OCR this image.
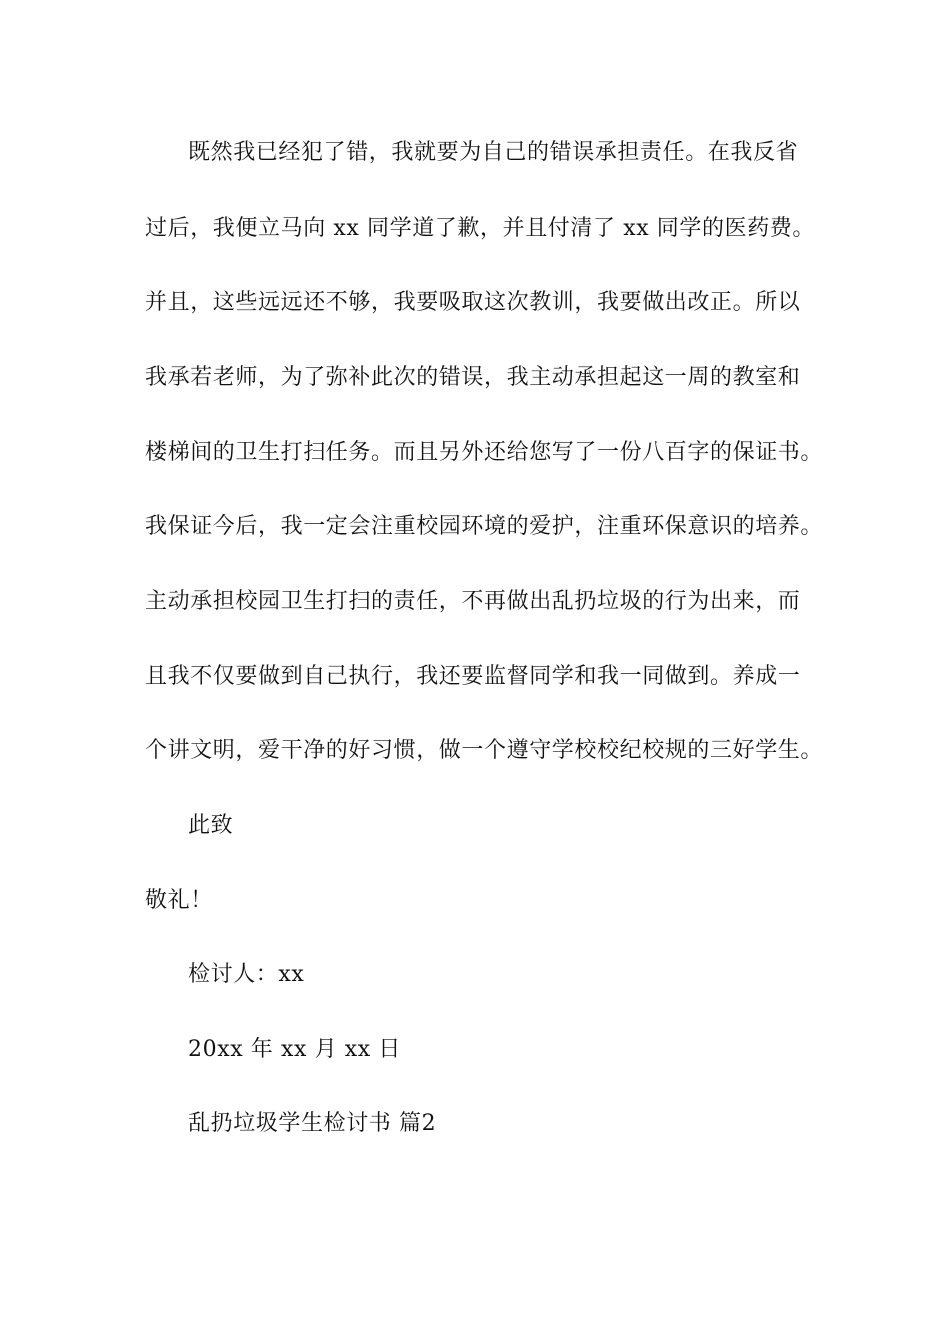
既然我已经犯了错，我就要为自己的错误承担责任。在我反省
过后，我便立马向 xx 同学道了歉，并且付清了 xx 同学的医药费。
并且，这些远远还不够，我要吸取这次教训，我要做出改正。所以
我承若老师，为了弥补此次的错误，我主动承担起这一周的教室和
楼梯间的卫生打扫任务。而且另外还给您写了一份八百字的保证书。
我保证今后，我一定会注重校园环境的爱护，注重环保意识的培养。
主动承担校园卫生打扫的责任，不再做出乱扔垃圾的行为出来，而
且我不仅要做到自己执行，我还要监督同学和我一同做到。养成一
个讲文明，爱干净的好习惯，做一个遵守学校校纪校规的三好学生。
此致
敬礼！
检讨人：xx
20xx 年 xx 月 xx 日
乱扔垃圾学生检讨书 篇2
